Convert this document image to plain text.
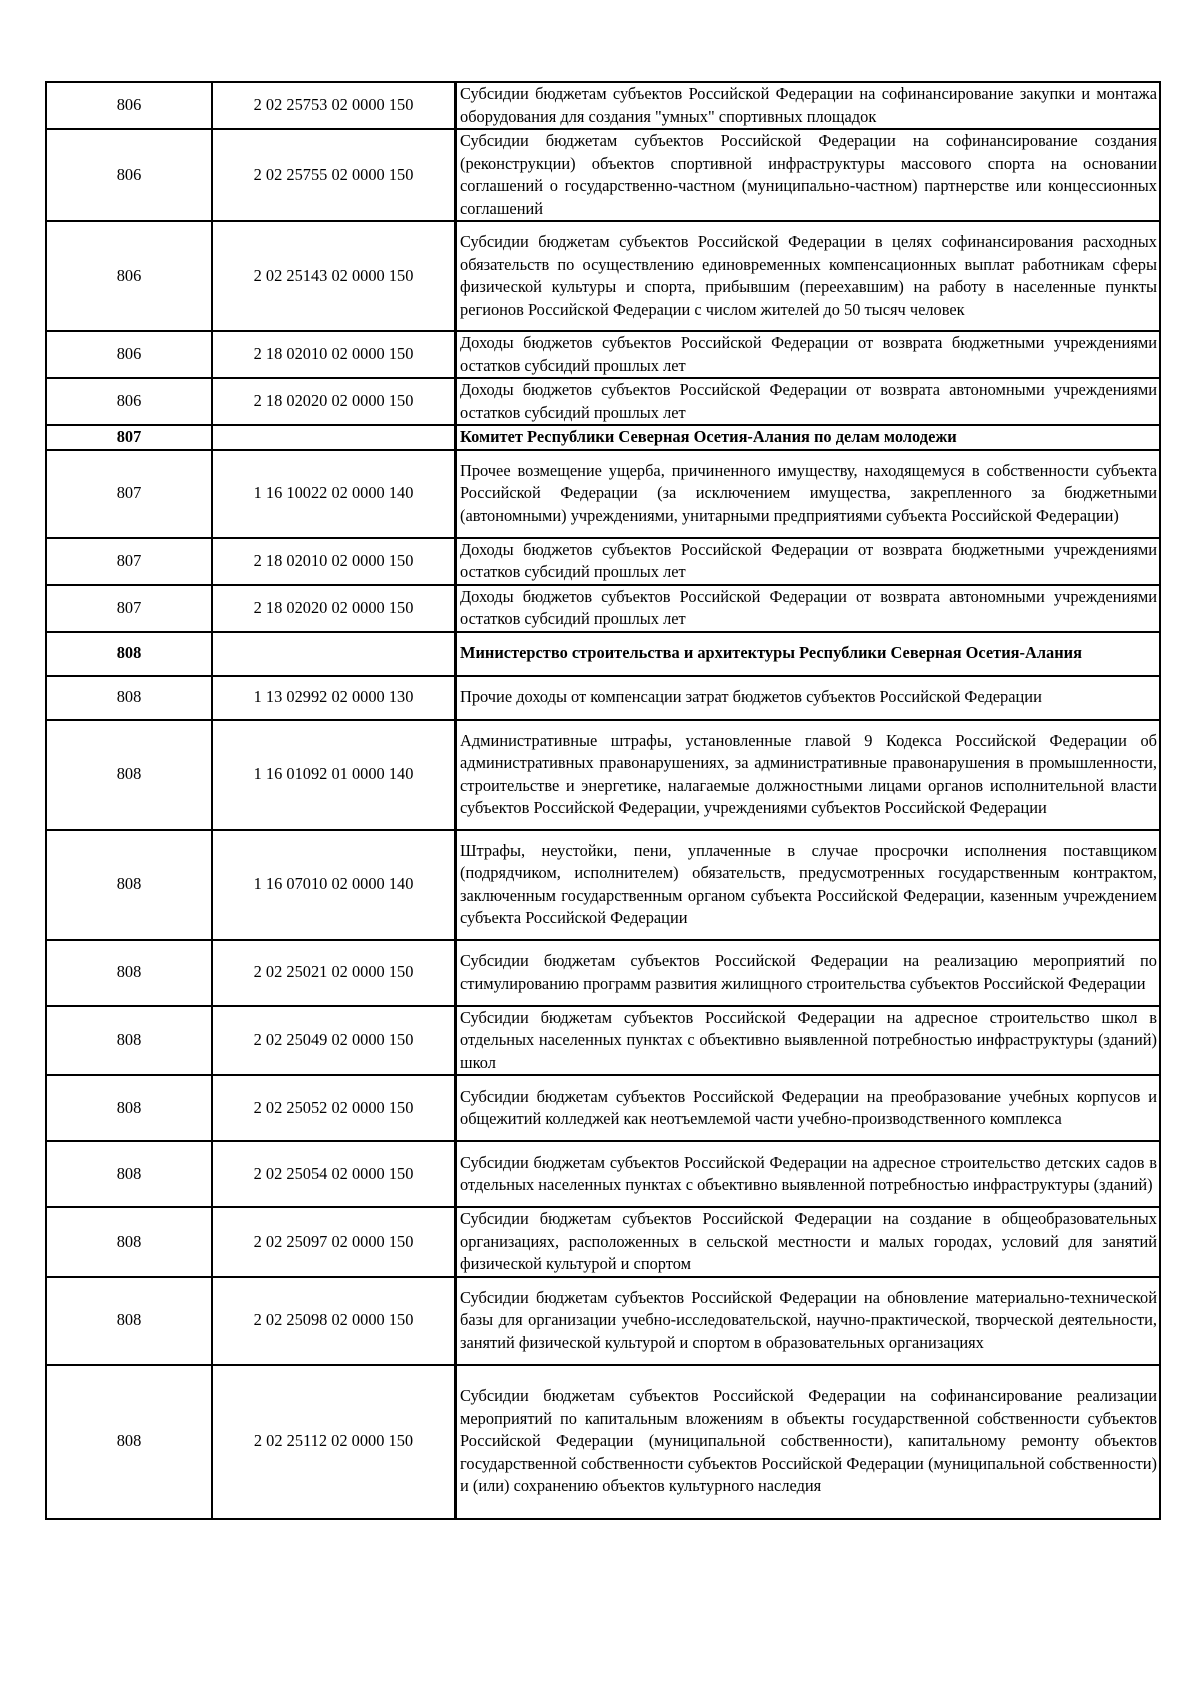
806	2 02 25753 02 0000 150	Субсидии бюджетам субъектов Российской Федерации на софинансирование закупки и монтажа оборудования для создания "умных" спортивных площадок
806	2 02 25755 02 0000 150	Субсидии бюджетам субъектов Российской Федерации на софинансирование создания (реконструкции) объектов спортивной инфраструктуры массового спорта на основании соглашений о государственно-частном (муниципально-частном) партнерстве или концессионных соглашений
806	2 02 25143 02 0000 150	Субсидии бюджетам субъектов Российской Федерации в целях софинансирования расходных обязательств по осуществлению единовременных компенсационных выплат работникам сферы физической культуры и спорта, прибывшим (переехавшим) на работу в населенные пункты регионов Российской Федерации с числом жителей до 50 тысяч человек
806	2 18 02010 02 0000 150	Доходы бюджетов субъектов Российской Федерации от возврата бюджетными учреждениями остатков субсидий прошлых лет
806	2 18 02020 02 0000 150	Доходы бюджетов субъектов Российской Федерации от возврата автономными учреждениями остатков субсидий прошлых лет
807		Комитет Республики Северная Осетия-Алания по делам молодежи
807	1 16 10022 02 0000 140	Прочее возмещение ущерба, причиненного имуществу, находящемуся в собственности субъекта Российской Федерации (за исключением имущества, закрепленного за бюджетными (автономными) учреждениями, унитарными предприятиями субъекта Российской Федерации)
807	2 18 02010 02 0000 150	Доходы бюджетов субъектов Российской Федерации от возврата бюджетными учреждениями остатков субсидий прошлых лет
807	2 18 02020 02 0000 150	Доходы бюджетов субъектов Российской Федерации от возврата автономными учреждениями остатков субсидий прошлых лет
808		Министерство строительства и архитектуры Республики Северная Осетия-Алания
808	1 13 02992 02 0000 130	Прочие доходы от компенсации затрат бюджетов субъектов Российской Федерации
808	1 16 01092 01 0000 140	Административные штрафы, установленные главой 9 Кодекса Российской Федерации об административных правонарушениях, за административные правонарушения в промышленности, строительстве и энергетике, налагаемые должностными лицами органов исполнительной власти субъектов Российской Федерации, учреждениями субъектов Российской Федерации
808	1 16 07010 02 0000 140	Штрафы, неустойки, пени, уплаченные в случае просрочки исполнения поставщиком (подрядчиком, исполнителем) обязательств, предусмотренных государственным контрактом, заключенным государственным органом субъекта Российской Федерации, казенным учреждением субъекта Российской Федерации
808	2 02 25021 02 0000 150	Субсидии бюджетам субъектов Российской Федерации на реализацию мероприятий по стимулированию программ развития жилищного строительства субъектов Российской Федерации
808	2 02 25049 02 0000 150	Субсидии бюджетам субъектов Российской Федерации на адресное строительство школ в отдельных населенных пунктах с объективно выявленной потребностью инфраструктуры (зданий) школ
808	2 02 25052 02 0000 150	Субсидии бюджетам субъектов Российской Федерации на преобразование учебных корпусов и общежитий колледжей как неотъемлемой части учебно-производственного комплекса
808	2 02 25054 02 0000 150	Субсидии бюджетам субъектов Российской Федерации на адресное строительство детских садов в отдельных населенных пунктах с объективно выявленной потребностью инфраструктуры (зданий)
808	2 02 25097 02 0000 150	Субсидии бюджетам субъектов Российской Федерации на создание в общеобразовательных организациях, расположенных в сельской местности и малых городах, условий для занятий физической культурой и спортом
808	2 02 25098 02 0000 150	Субсидии бюджетам субъектов Российской Федерации на обновление материально-технической базы для организации учебно-исследовательской, научно-практической, творческой деятельности, занятий физической культурой и спортом в образовательных организациях
808	2 02 25112 02 0000 150	Субсидии бюджетам субъектов Российской Федерации на софинансирование реализации мероприятий по капитальным вложениям в объекты государственной собственности субъектов Российской Федерации (муниципальной собственности), капитальному ремонту объектов государственной собственности субъектов Российской Федерации (муниципальной собственности) и (или) сохранению объектов культурного наследия
